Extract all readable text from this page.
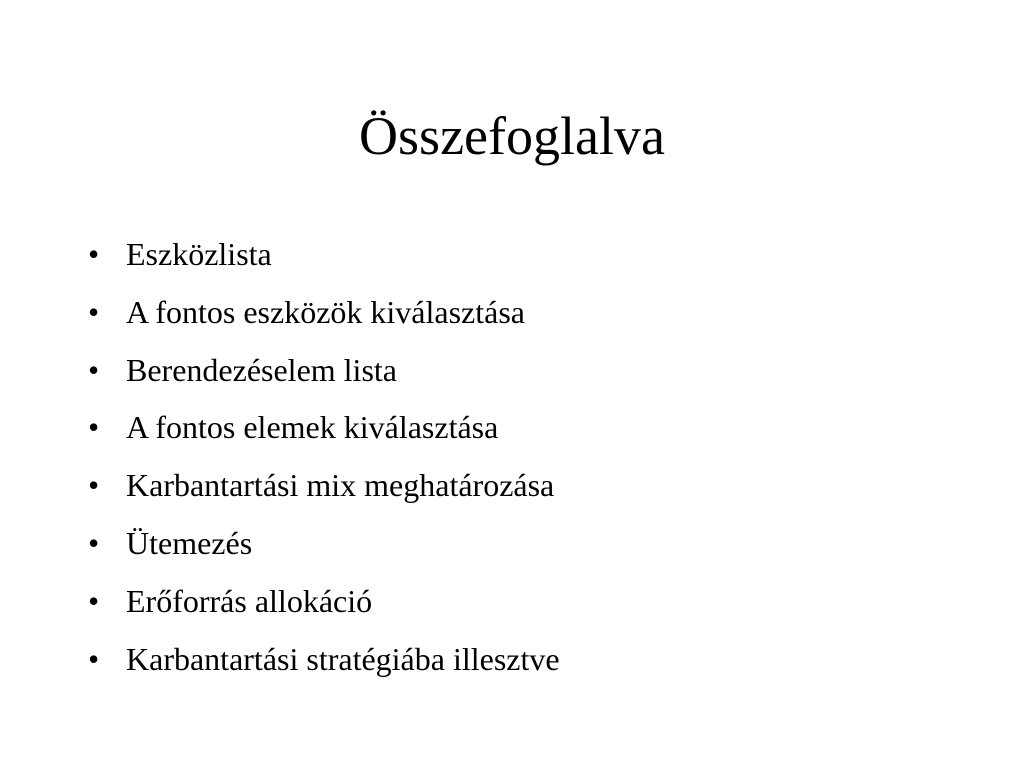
Összefoglalva
• Eszközlista
• A fontos eszközök kiválasztása
• Berendezéselem lista
• A fontos elemek kiválasztása
• Karbantartási mix meghatározása
• Ütemezés
• Erőforrás allokáció
• Karbantartási stratégiába illesztve
